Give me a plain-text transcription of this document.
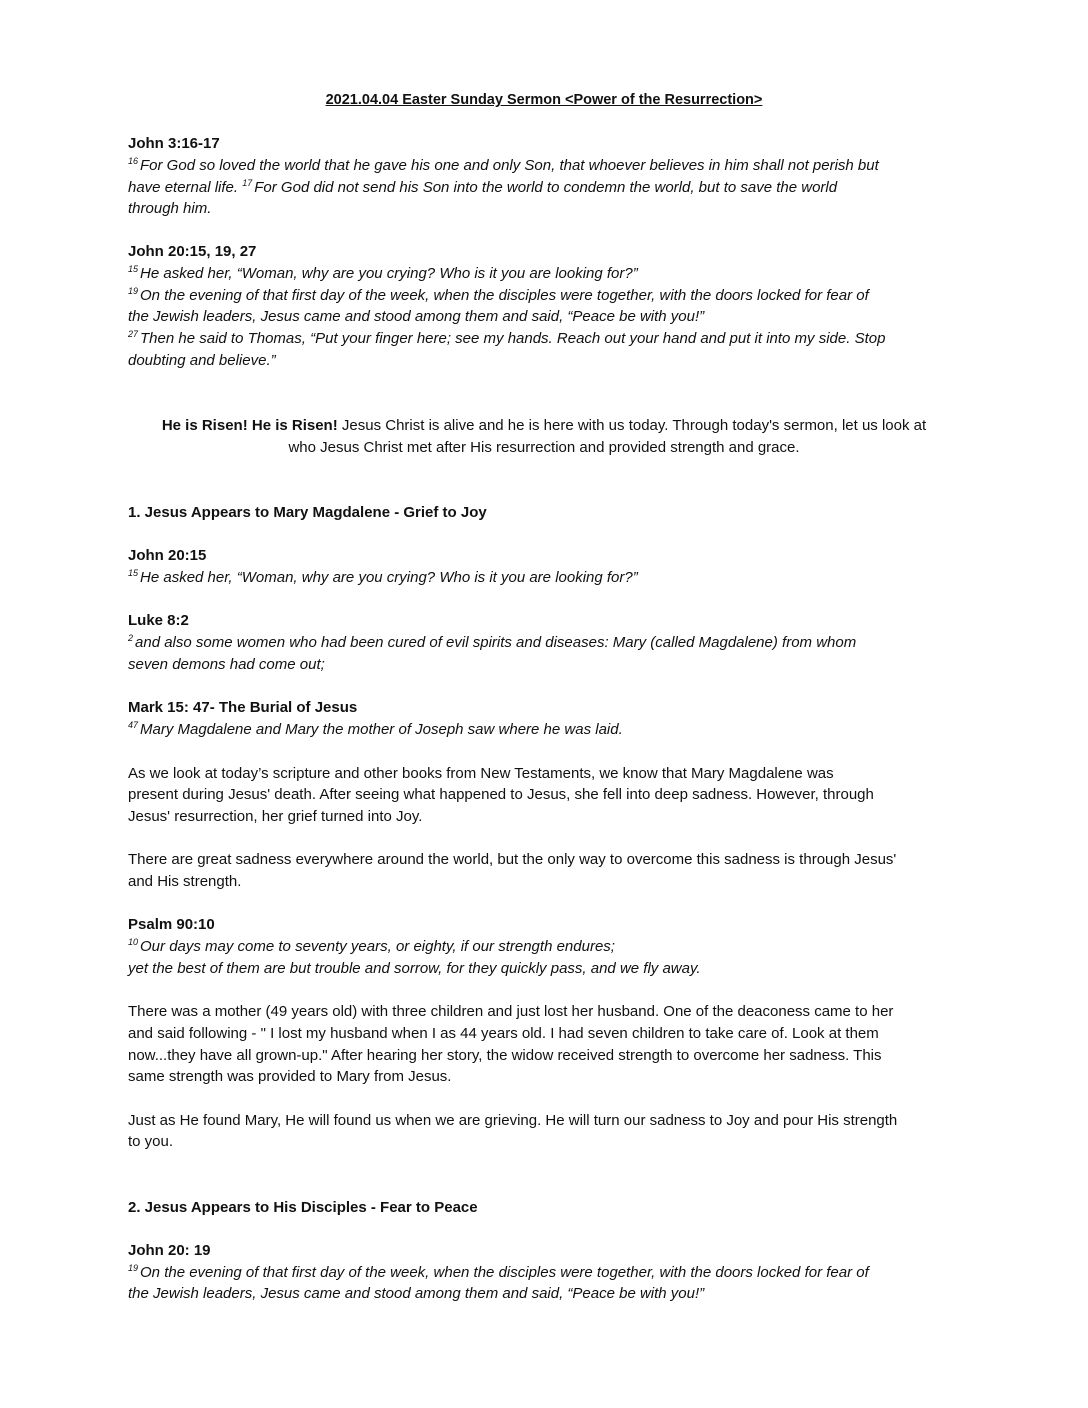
2021.04.04 Easter Sunday Sermon <Power of the Resurrection>

John 3:16-17

$^{16}$ For God so loved the world that he gave his one and only Son, that whoever believes in him shall not perish but

have eternal life. $^{17}$ For God did not send his Son into the world to condemn the world, but to save the world

through him.

John 20:15, 19, 27

$^{15}$ He asked her, “Woman, why are you crying? Who is it you are looking for?”

$^{19}$ On the evening of that first day of the week, when the disciples were together, with the doors locked for fear of

the Jewish leaders, Jesus came and stood among them and said, “Peace be with you!”

$^{27}$ Then he said to Thomas, “Put your finger here; see my hands. Reach out your hand and put it into my side. Stop

doubting and believe.”

He is Risen! He is Risen! Jesus Christ is alive and he is here with us today. Through today's sermon, let us look at

who Jesus Christ met after His resurrection and provided strength and grace.

1. Jesus Appears to Mary Magdalene - Grief to Joy

John 20:15

$^{15}$ He asked her, “Woman, why are you crying? Who is it you are looking for?”

Luke 8:2

$^2$ and also some women who had been cured of evil spirits and diseases: Mary (called Magdalene) from whom

seven demons had come out;

Mark 15: 47- The Burial of Jesus

$^{47}$ Mary Magdalene and Mary the mother of Joseph saw where he was laid.

As we look at today’s scripture and other books from New Testaments, we know that Mary Magdalene was

present during Jesus' death. After seeing what happened to Jesus, she fell into deep sadness. However, through

Jesus' resurrection, her grief turned into Joy.

There are great sadness everywhere around the world, but the only way to overcome this sadness is through Jesus'

and His strength.

Psalm 90:10

$^{10}$ Our days may come to seventy years, or eighty, if our strength endures;

yet the best of them are but trouble and sorrow, for they quickly pass, and we fly away.

There was a mother (49 years old) with three children and just lost her husband. One of the deaconess came to her

and said following - " I lost my husband when I as 44 years old. I had seven children to take care of. Look at them

now...they have all grown-up." After hearing her story, the widow received strength to overcome her sadness. This

same strength was provided to Mary from Jesus.

Just as He found Mary, He will found us when we are grieving. He will turn our sadness to Joy and pour His strength

to you.

2. Jesus Appears to His Disciples - Fear to Peace

John 20: 19

$^{19}$ On the evening of that first day of the week, when the disciples were together, with the doors locked for fear of

the Jewish leaders, Jesus came and stood among them and said, “Peace be with you!”
